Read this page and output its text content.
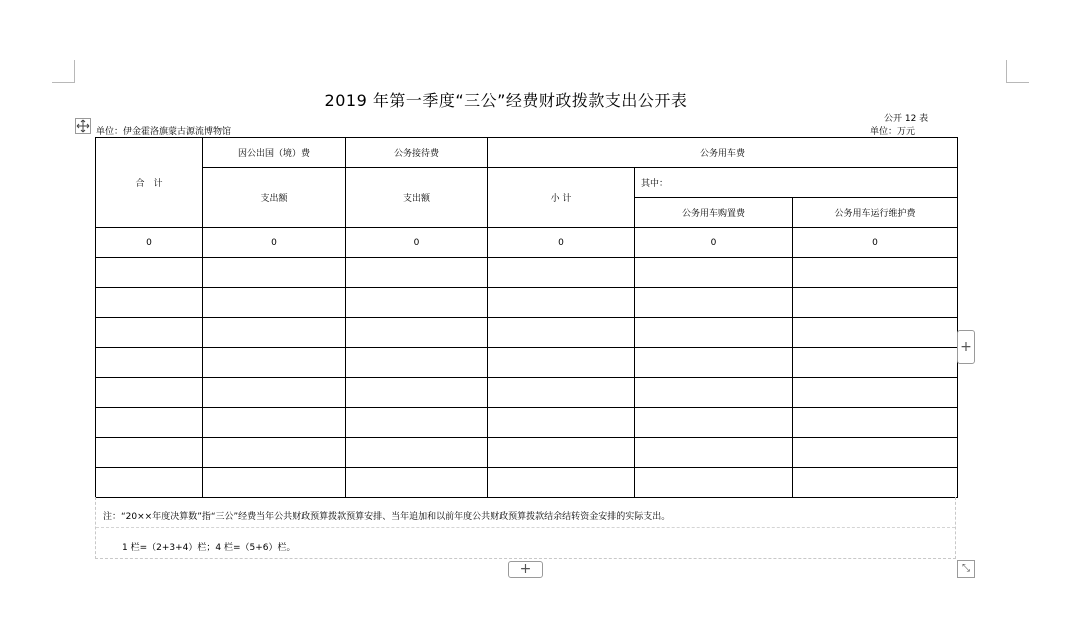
2019 年第一季度“三公”经费财政拨款支出公开表
公开 12 表
单位：伊金霍洛旗蒙古源流博物馆	单位：万元
合　计	因公出国（境）费	公务接待费	公务用车费		
	支出额	支出额	小 计	其中：	
				公务用车购置费	公务用车运行维护费
0	0	0	0	0	0

注：“20××年度决算数”指“三公”经费当年公共财政预算拨款预算安排、当年追加和以前年度公共财政预算拨款结余结转资金安排的实际支出。
1 栏=（2+3+4）栏；4 栏=（5+6）栏。
+
+	⤡
